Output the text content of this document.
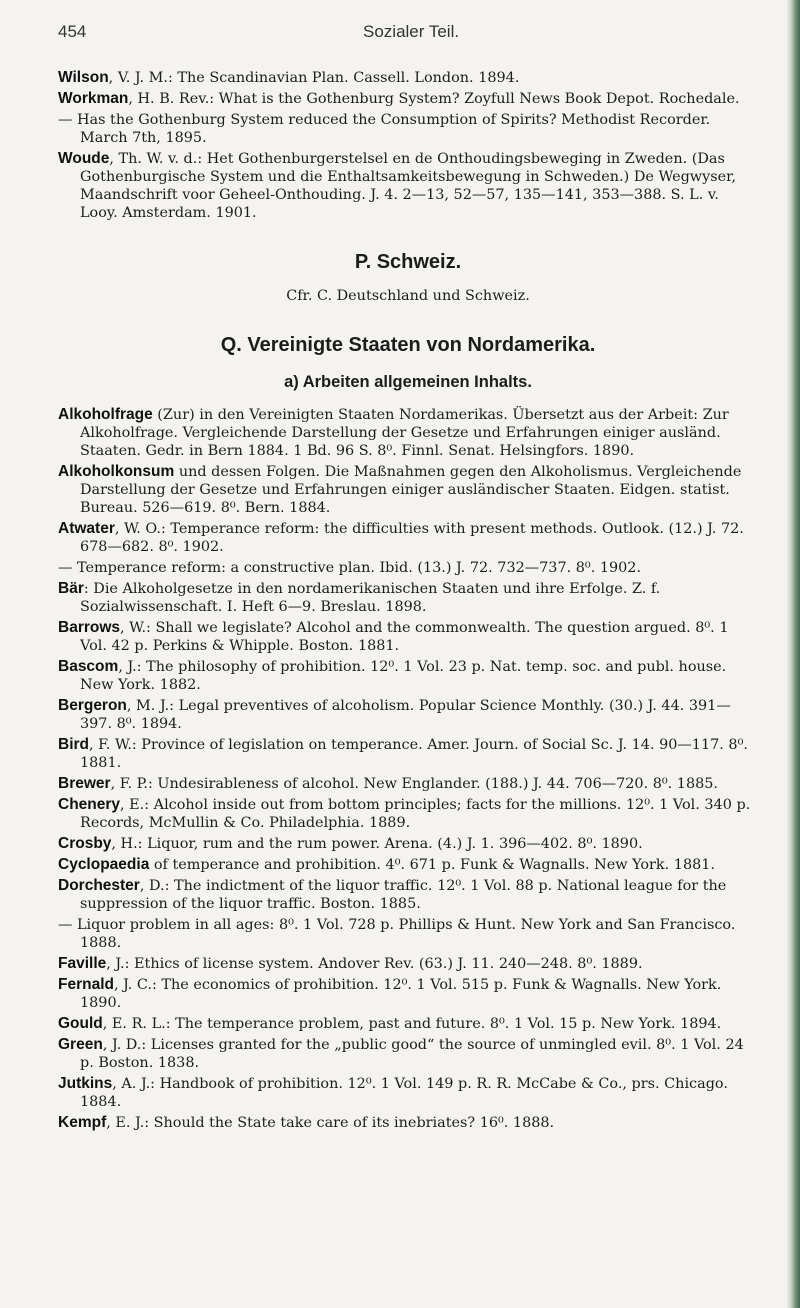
454	Sozialer Teil.

Wilson, V. J. M.: The Scandinavian Plan. Cassell. London. 1894.

Workman, H. B. Rev.: What is the Gothenburg System? Zoyfull News Book Depot. Rochedale.

— Has the Gothenburg System reduced the Consumption of Spirits? Methodist Recorder. March 7th, 1895.

Woude, Th. W. v. d.: Het Gothenburgerstelsel en de Onthoudingsbeweging in Zweden. (Das Gothenburgische System und die Enthaltsamkeitsbewegung in Schweden.) De Wegwyser, Maandschrift voor Geheel-Onthouding. J. 4. 2—13, 52—57, 135—141, 353—388. S. L. v. Looy. Amsterdam. 1901.

P. Schweiz.

Cfr. C. Deutschland und Schweiz.

Q. Vereinigte Staaten von Nordamerika.

a) Arbeiten allgemeinen Inhalts.

Alkoholfrage (Zur) in den Vereinigten Staaten Nordamerikas. Übersetzt aus der Arbeit: Zur Alkoholfrage. Vergleichende Darstellung der Gesetze und Erfahrungen einiger ausländ. Staaten. Gedr. in Bern 1884. 1 Bd. 96 S. 8⁰. Finnl. Senat. Helsingfors. 1890.

Alkoholkonsum und dessen Folgen. Die Maßnahmen gegen den Alkoholismus. Vergleichende Darstellung der Gesetze und Erfahrungen einiger ausländischer Staaten. Eidgen. statist. Bureau. 526—619. 8⁰. Bern. 1884.

Atwater, W. O.: Temperance reform: the difficulties with present methods. Outlook. (12.) J. 72. 678—682. 8⁰. 1902.

— Temperance reform: a constructive plan. Ibid. (13.) J. 72. 732—737. 8⁰. 1902.

Bär: Die Alkoholgesetze in den nordamerikanischen Staaten und ihre Erfolge. Z. f. Sozialwissenschaft. I. Heft 6—9. Breslau. 1898.

Barrows, W.: Shall we legislate? Alcohol and the commonwealth. The question argued. 8⁰. 1 Vol. 42 p. Perkins & Whipple. Boston. 1881.

Bascom, J.: The philosophy of prohibition. 12⁰. 1 Vol. 23 p. Nat. temp. soc. and publ. house. New York. 1882.

Bergeron, M. J.: Legal preventives of alcoholism. Popular Science Monthly. (30.) J. 44. 391—397. 8⁰. 1894.

Bird, F. W.: Province of legislation on temperance. Amer. Journ. of Social Sc. J. 14. 90—117. 8⁰. 1881.

Brewer, F. P.: Undesirableness of alcohol. New Englander. (188.) J. 44. 706—720. 8⁰. 1885.

Chenery, E.: Alcohol inside out from bottom principles; facts for the millions. 12⁰. 1 Vol. 340 p. Records, McMullin & Co. Philadelphia. 1889.

Crosby, H.: Liquor, rum and the rum power. Arena. (4.) J. 1. 396—402. 8⁰. 1890.

Cyclopaedia of temperance and prohibition. 4⁰. 671 p. Funk & Wagnalls. New York. 1881.

Dorchester, D.: The indictment of the liquor traffic. 12⁰. 1 Vol. 88 p. National league for the suppression of the liquor traffic. Boston. 1885.

— Liquor problem in all ages: 8⁰. 1 Vol. 728 p. Phillips & Hunt. New York and San Francisco. 1888.

Faville, J.: Ethics of license system. Andover Rev. (63.) J. 11. 240—248. 8⁰. 1889.

Fernald, J. C.: The economics of prohibition. 12⁰. 1 Vol. 515 p. Funk & Wagnalls. New York. 1890.

Gould, E. R. L.: The temperance problem, past and future. 8⁰. 1 Vol. 15 p. New York. 1894.

Green, J. D.: Licenses granted for the „public good“ the source of unmingled evil. 8⁰. 1 Vol. 24 p. Boston. 1838.

Jutkins, A. J.: Handbook of prohibition. 12⁰. 1 Vol. 149 p. R. R. McCabe & Co., prs. Chicago. 1884.

Kempf, E. J.: Should the State take care of its inebriates? 16⁰. 1888.
